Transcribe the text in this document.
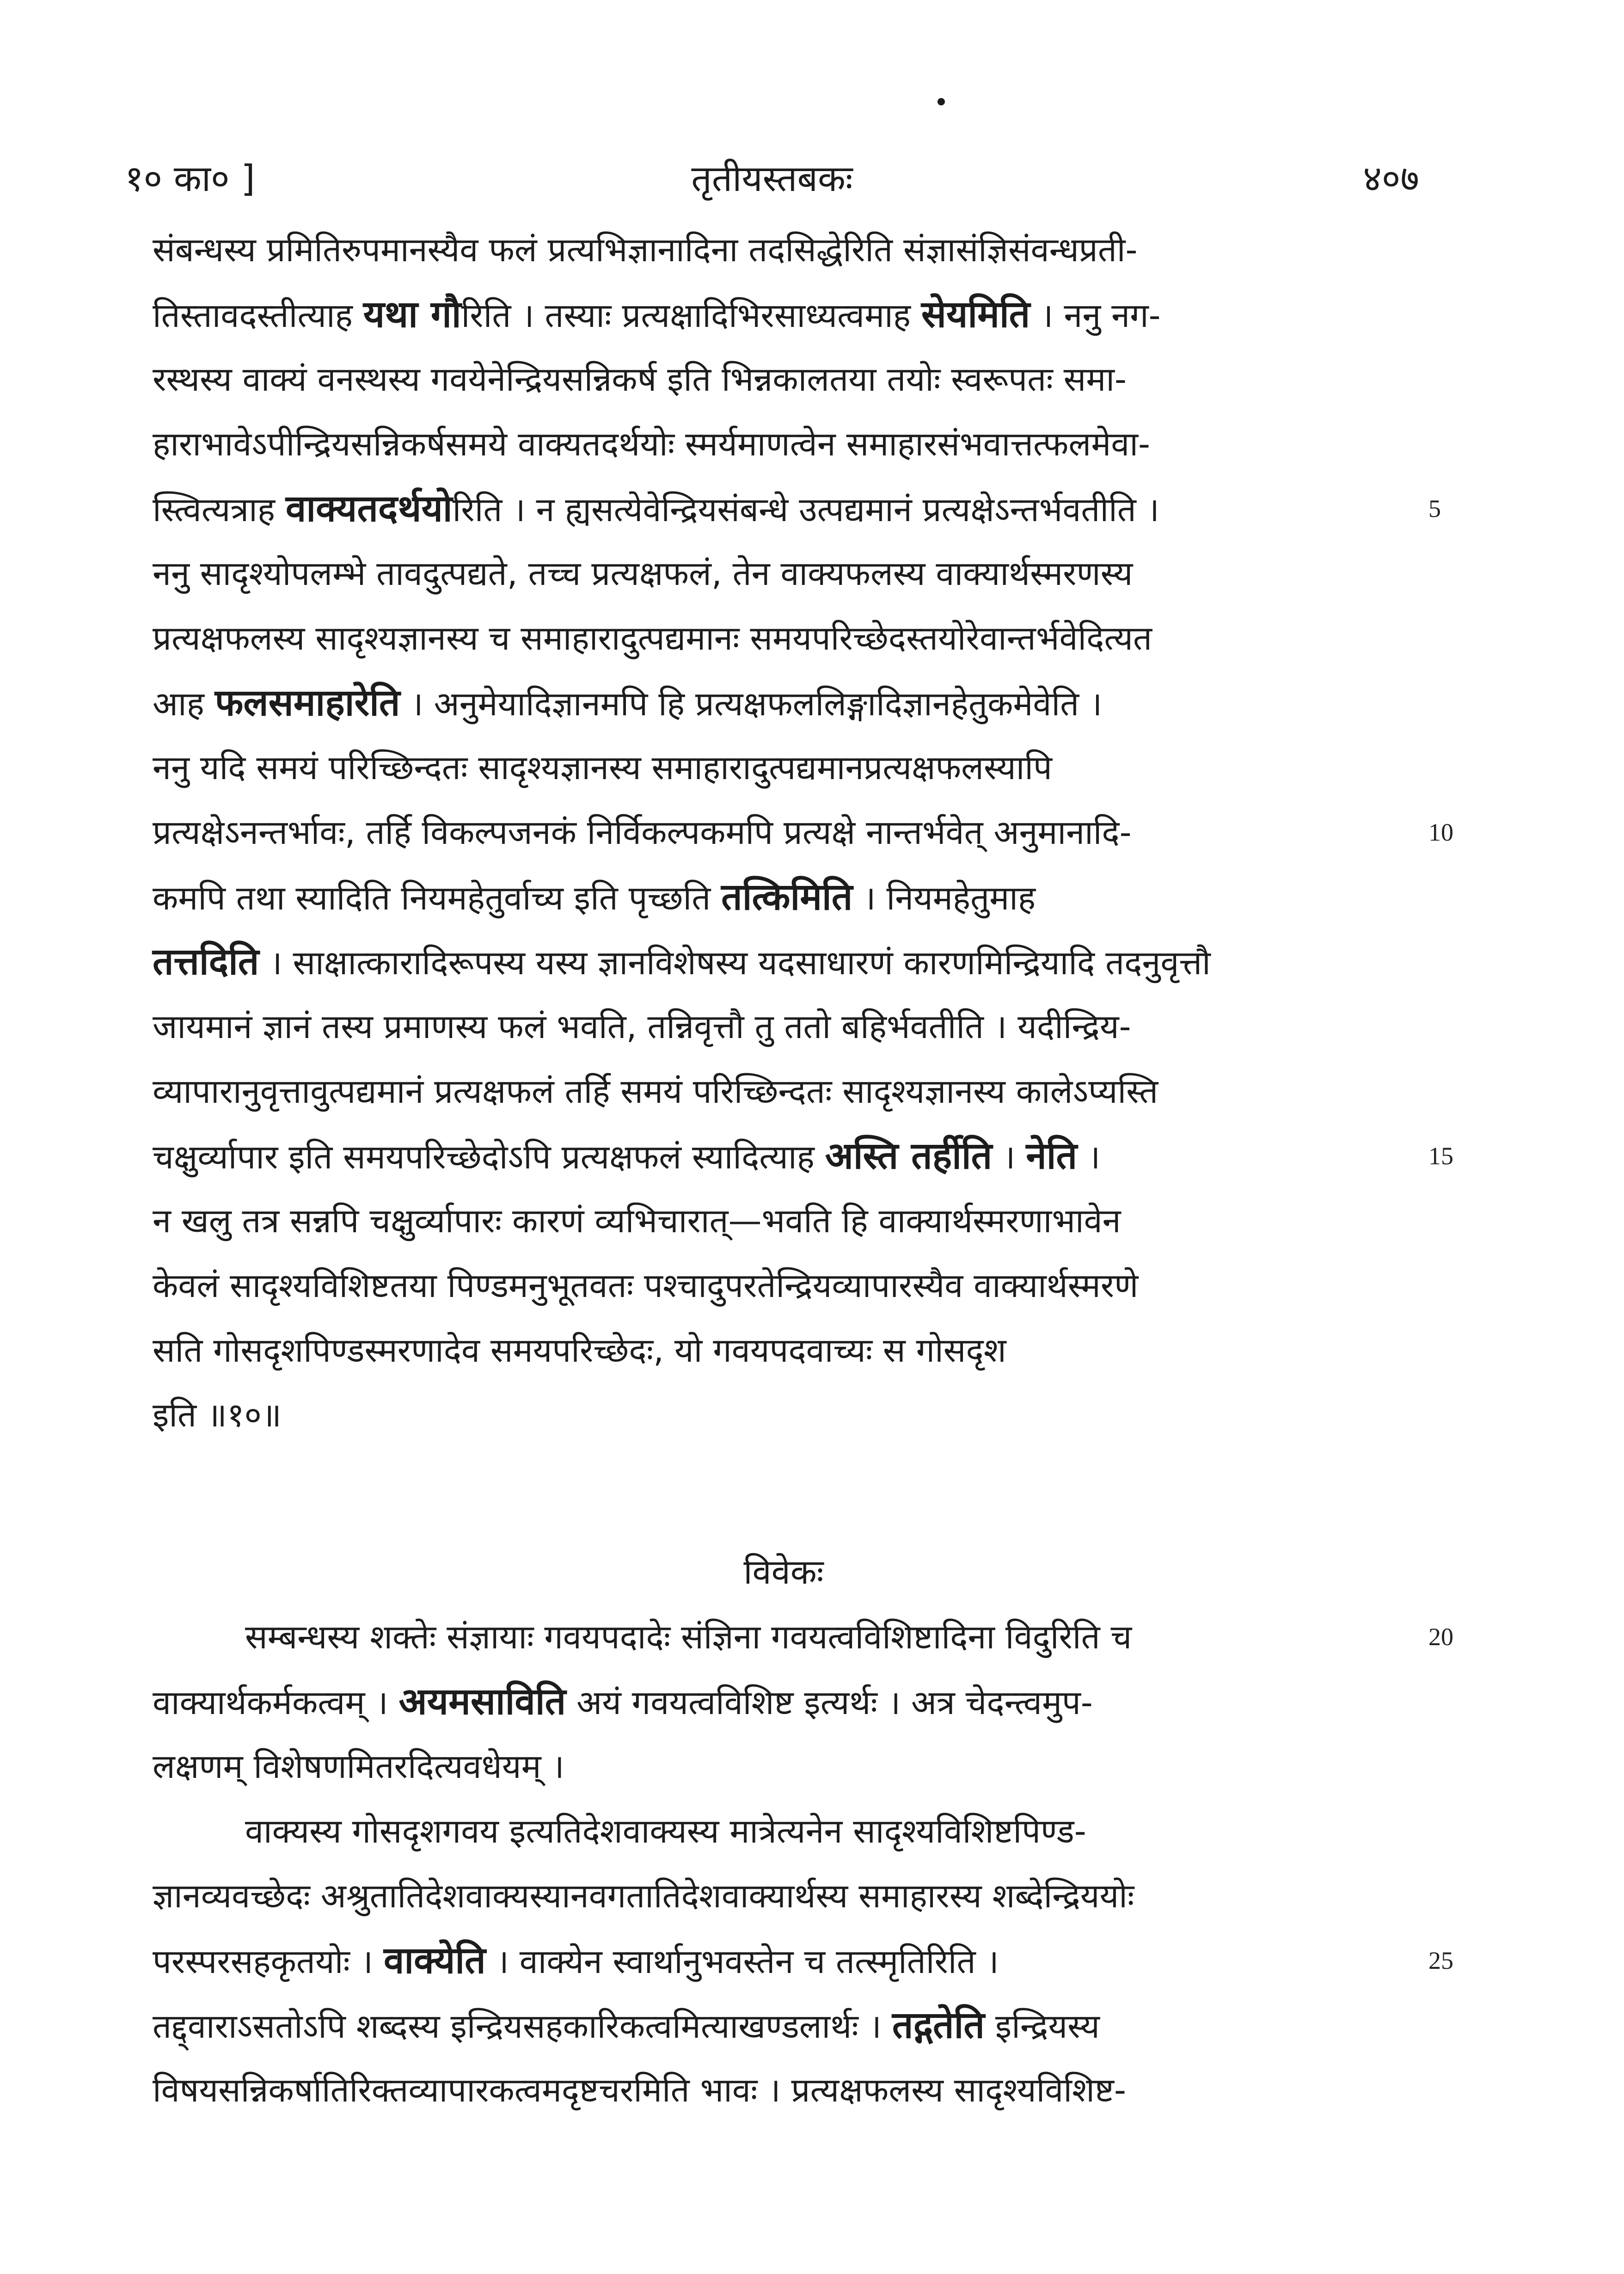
१० का० ]	तृतीयस्तबकः	४०७
संबन्धस्य प्रमितिरुपमानस्यैव फलं प्रत्यभिज्ञानादिना तदसिद्धेरिति संज्ञासंज्ञिसंवन्धप्रती-
तिस्तावदस्तीत्याह यथा गौरिति । तस्याः प्रत्यक्षादिभिरसाध्यत्वमाह सेयमिति । ननु नग-
रस्थस्य वाक्यं वनस्थस्य गवयेनेन्द्रियसन्निकर्ष इति भिन्नकालतया तयोः स्वरूपतः समा-
हाराभावेऽपीन्द्रियसन्निकर्षसमये वाक्यतदर्थयोः स्मर्यमाणत्वेन समाहारसंभवात्तत्फलमेवा-
स्त्वित्यत्राह वाक्यतदर्थयोरिति । न ह्यसत्येवेन्द्रियसंबन्धे उत्पद्यमानं प्रत्यक्षेऽन्तर्भवतीति ।
ननु सादृश्योपलम्भे तावदुत्पद्यते, तच्च प्रत्यक्षफलं, तेन वाक्यफलस्य वाक्यार्थस्मरणस्य
प्रत्यक्षफलस्य सादृश्यज्ञानस्य च समाहारादुत्पद्यमानः समयपरिच्छेदस्तयोरेवान्तर्भवेदित्यत
आह फलसमाहारेति । अनुमेयादिज्ञानमपि हि प्रत्यक्षफललिङ्गादिज्ञानहेतुकमेवेति ।
ननु यदि समयं परिच्छिन्दतः सादृश्यज्ञानस्य समाहारादुत्पद्यमानप्रत्यक्षफलस्यापि
प्रत्यक्षेऽनन्तर्भावः, तर्हि विकल्पजनकं निर्विकल्पकमपि प्रत्यक्षे नान्तर्भवेत् अनुमानादि-
कमपि तथा स्यादिति नियमहेतुर्वाच्य इति पृच्छति तत्किमिति । नियमहेतुमाह
तत्तदिति । साक्षात्कारादिरूपस्य यस्य ज्ञानविशेषस्य यदसाधारणं कारणमिन्द्रियादि तदनुवृत्तौ
जायमानं ज्ञानं तस्य प्रमाणस्य फलं भवति, तन्निवृत्तौ तु ततो बहिर्भवतीति । यदीन्द्रिय-
व्यापारानुवृत्तावुत्पद्यमानं प्रत्यक्षफलं तर्हि समयं परिच्छिन्दतः सादृश्यज्ञानस्य कालेऽप्यस्ति
चक्षुर्व्यापार इति समयपरिच्छेदोऽपि प्रत्यक्षफलं स्यादित्याह अस्ति तर्हीति । नेति ।
न खलु तत्र सन्नपि चक्षुर्व्यापारः कारणं व्यभिचारात्—भवति हि वाक्यार्थस्मरणाभावेन
केवलं सादृश्यविशिष्टतया पिण्डमनुभूतवतः पश्चादुपरतेन्द्रियव्यापारस्यैव वाक्यार्थस्मरणे
सति गोसदृशपिण्डस्मरणादेव समयपरिच्छेदः, यो गवयपदवाच्यः स गोसदृश
इति ॥१०॥
5
10
15
विवेकः
सम्बन्धस्य शक्तेः संज्ञायाः गवयपदादेः संज्ञिना गवयत्वविशिष्टादिना विदुरिति च
वाक्यार्थकर्मकत्वम् । अयमसाविति अयं गवयत्वविशिष्ट इत्यर्थः । अत्र चेदन्त्वमुप-
लक्षणम् विशेषणमितरदित्यवधेयम् ।
वाक्यस्य गोसदृशगवय इत्यतिदेशवाक्यस्य मात्रेत्यनेन सादृश्यविशिष्टपिण्ड-
ज्ञानव्यवच्छेदः अश्रुतातिदेशवाक्यस्यानवगतातिदेशवाक्यार्थस्य समाहारस्य शब्देन्द्रिययोः
परस्परसहकृतयोः । वाक्येति । वाक्येन स्वार्थानुभवस्तेन च तत्स्मृतिरिति ।
तद्द्वाराऽसतोऽपि शब्दस्य इन्द्रियसहकारिकत्वमित्याखण्डलार्थः । तद्गतेति इन्द्रियस्य
विषयसन्निकर्षातिरिक्तव्यापारकत्वमदृष्टचरमिति भावः । प्रत्यक्षफलस्य सादृश्यविशिष्ट-
20
25
